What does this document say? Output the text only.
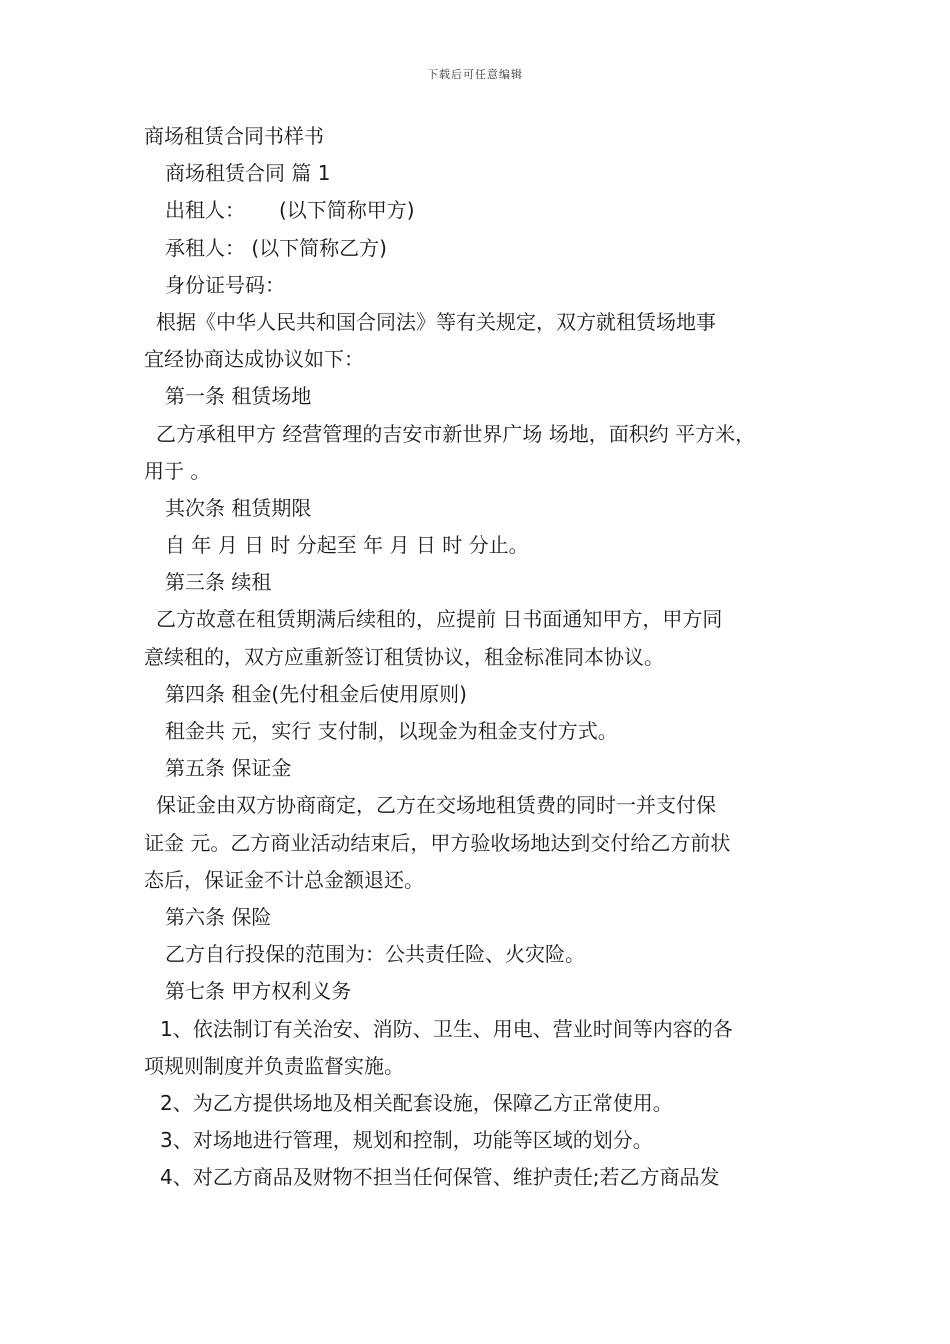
下载后可任意编辑
商场租赁合同书样书
商场租赁合同 篇 1
出租人： (以下简称甲方)
承租人： (以下简称乙方)
身份证号码：
根据《中华人民共和国合同法》等有关规定，双方就租赁场地事
宜经协商达成协议如下：
第一条 租赁场地
乙方承租甲方 经营管理的吉安市新世界广场 场地，面积约 平方米，
用于 。
其次条 租赁期限
自 年 月 日 时 分起至 年 月 日 时 分止。
第三条 续租
乙方故意在租赁期满后续租的，应提前 日书面通知甲方，甲方同
意续租的，双方应重新签订租赁协议，租金标准同本协议。
第四条 租金(先付租金后使用原则)
租金共 元，实行 支付制，以现金为租金支付方式。
第五条 保证金
保证金由双方协商商定，乙方在交场地租赁费的同时一并支付保
证金 元。乙方商业活动结束后，甲方验收场地达到交付给乙方前状
态后，保证金不计总金额退还。
第六条 保险
乙方自行投保的范围为：公共责任险、火灾险。
第七条 甲方权利义务
1、依法制订有关治安、消防、卫生、用电、营业时间等内容的各
项规则制度并负责监督实施。
2、为乙方提供场地及相关配套设施，保障乙方正常使用。
3、对场地进行管理，规划和控制，功能等区域的划分。
4、对乙方商品及财物不担当任何保管、维护责任;若乙方商品发
